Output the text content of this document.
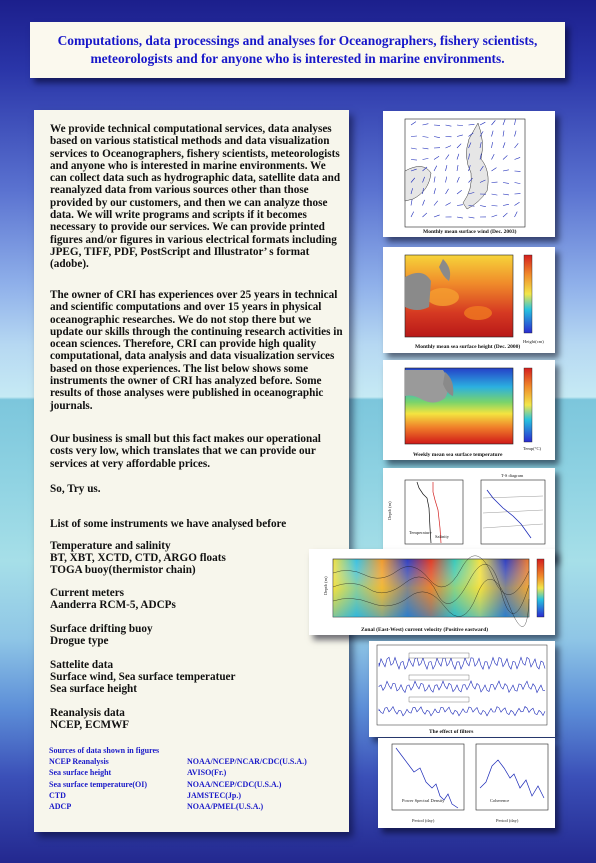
Computations, data processings and analyses for Oceanographers, fishery scientists,
meteorologists and for anyone who is interested in marine environments.

We provide technical computational services, data analyses based on various statistical methods and data visualization services to Oceanographers, fishery scientists, meteorologists and anyone who is interested in marine environments. We can collect data such as hydrographic data, satellite data and reanalyzed data from various sources other than those provided by our customers, and then we can analyze those data. We will write programs and scripts if it becomes necessary to provide our services. We can provide printed figures and/or figures in various electrical formats including JPEG, TIFF, PDF, PostScript and Illustrator’ s format (adobe).

The owner of CRI has experiences over 25 years in technical and scientific computations and over 15 years in physical oceanographic researches. We do not stop there but we update our skills through the continuing research activities in ocean sciences. Therefore, CRI can provide high quality computational, data analysis and data visualization services based on those experiences. The list below shows some instruments the owner of CRI has analyzed before. Some results of those analyses were published in oceanographic journals.

Our business is small but this fact makes our operational costs very low, which translates that we can provide our services at very affordable prices.

So, Try us.

List of some instruments we have analysed before

Temperature and salinity

BT, XBT, XCTD, CTD, ARGO floats

TOGA buoy(thermistor chain)

Current meters

Aanderra RCM-5, ADCPs

Surface drifting buoy

Drogue type

Sattelite data

Surface wind, Sea surface temperatuer

Sea surface height

Reanalysis data

NCEP, ECMWF

Sources of data shown in figures
NCEP Reanalysis	NOAA/NCEP/NCAR/CDC(U.S.A.)
Sea surface height	AVISO(Fr.)
Sea surface temperature(OI)	NOAA/NCEP/CDC(U.S.A.)
CTD	JAMSTEC(Jp.)
ADCP	NOAA/PMEL(U.S.A.)
Monthly mean surface wind (Dec. 2003)
Height(cm)
Monthly mean sea surface height (Dec. 2000)
Temp(°C)
Weekly mean sea surface temperature
Depth (m)
Temperature
Salinity
T-S diagram
Depth (m)
Zonal (East-West) current velocity (Positive eastward)
The effect of filters
Power Spectral Density	Coherence
Period (day)	Period (day)
